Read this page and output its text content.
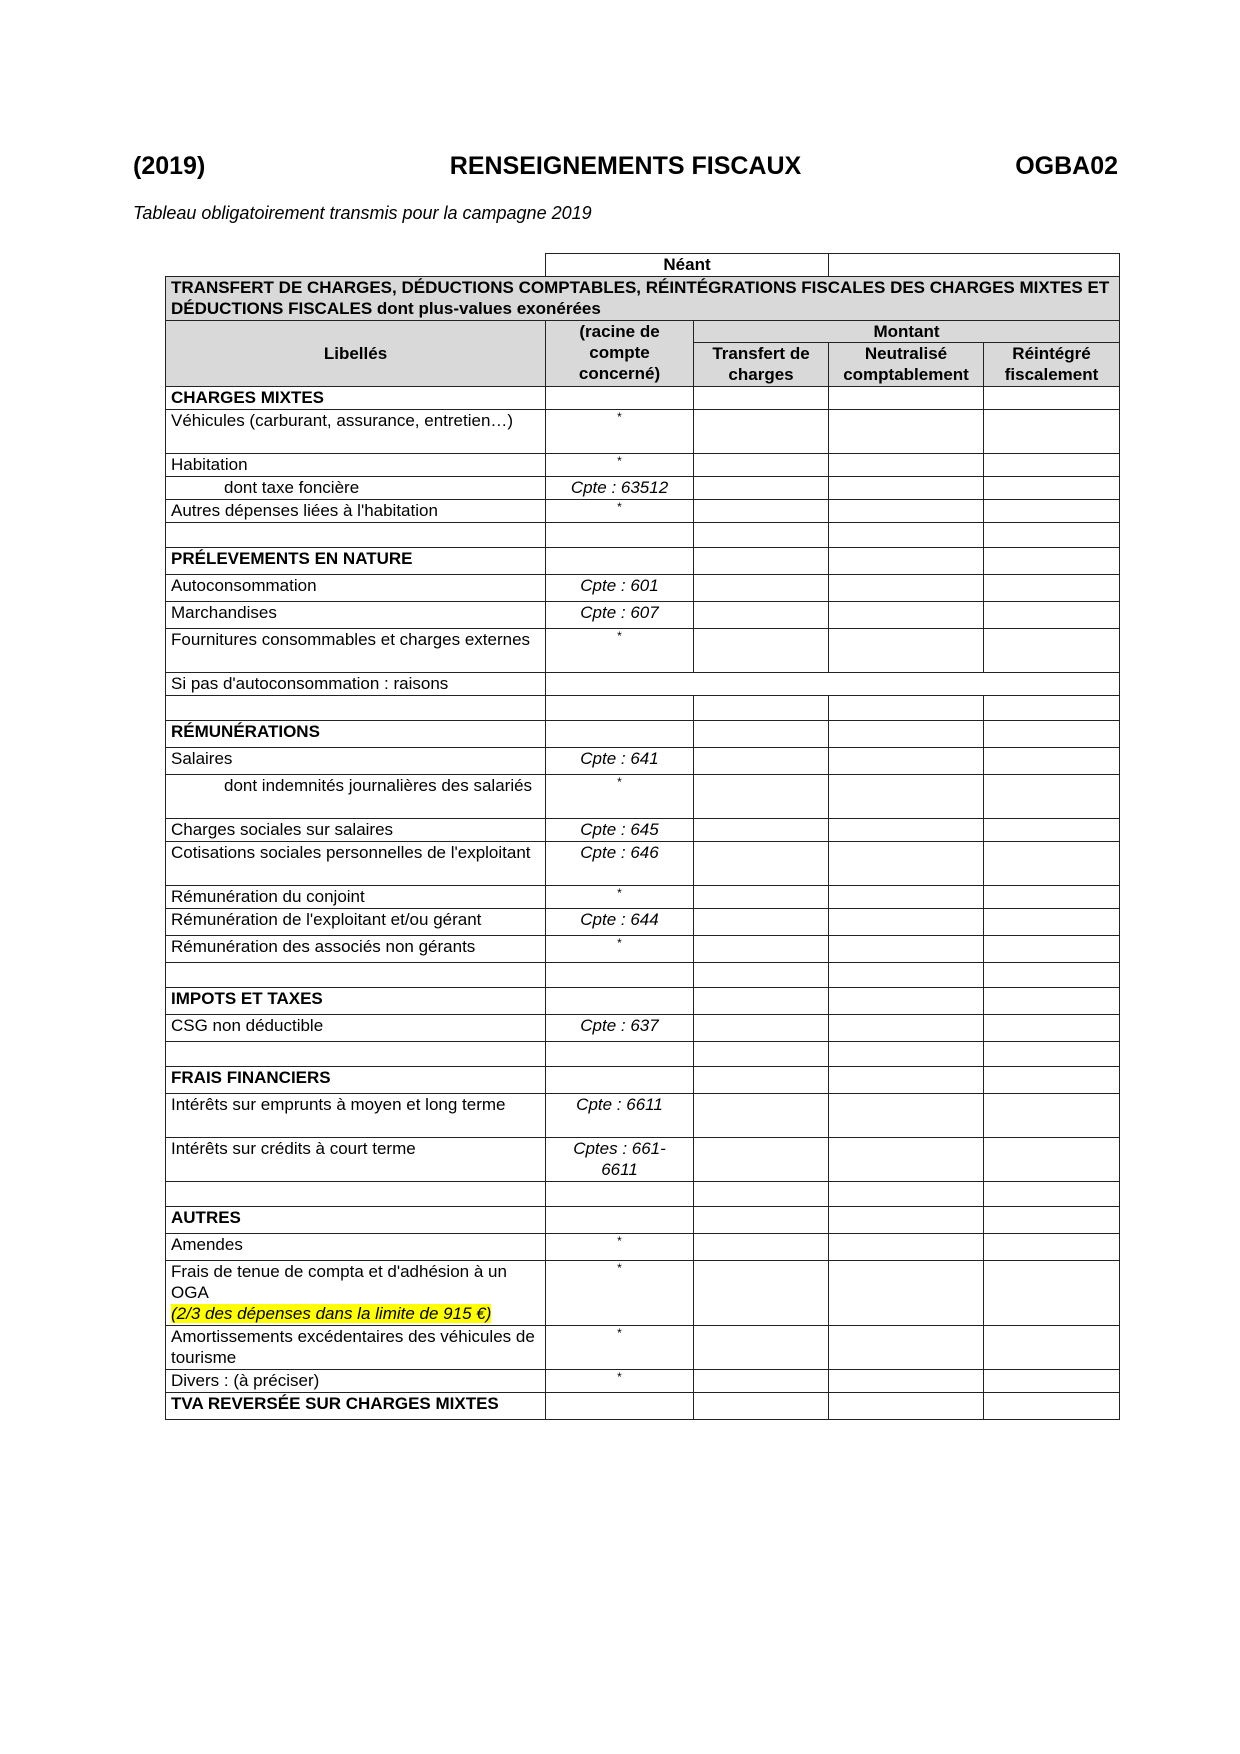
(2019)	RENSEIGNEMENTS FISCAUX	OGBA02
Tableau obligatoirement transmis pour la campagne 2019
	Néant			
TRANSFERT DE CHARGES, DÉDUCTIONS COMPTABLES, RÉINTÉGRATIONS FISCALES DES CHARGES MIXTES ET DÉDUCTIONS FISCALES dont plus-values exonérées				
Libellés	(racine de compte concerné)	Montant		
		Transfert de charges	Neutralisé comptablement	Réintégré fiscalement
CHARGES MIXTES				
Véhicules (carburant, assurance, entretien…)	*			
Habitation	*			
dont taxe foncière	Cpte : 63512			
Autres dépenses liées à l'habitation	*			

PRÉLEVEMENTS EN NATURE				
Autoconsommation	Cpte : 601			
Marchandises	Cpte : 607			
Fournitures consommables et charges externes	*			
Si pas d'autoconsommation : raisons				

RÉMUNÉRATIONS				
Salaires	Cpte : 641			
dont indemnités journalières des salariés	*			
Charges sociales sur salaires	Cpte : 645			
Cotisations sociales personnelles de l'exploitant	Cpte : 646			
Rémunération du conjoint	*			
Rémunération de l'exploitant et/ou gérant	Cpte : 644			
Rémunération des associés non gérants	*			

IMPOTS ET TAXES				
CSG non déductible	Cpte : 637			

FRAIS FINANCIERS				
Intérêts sur emprunts à moyen et long terme	Cpte : 6611			
Intérêts sur crédits à court terme	Cptes : 661-6611			

AUTRES				
Amendes	*			

Frais de tenue de compta et d'adhésion à un OGA
(2/3 des dépenses dans la limite de 915 €)	*			
Amortissements excédentaires des véhicules de tourisme	*			
Divers : (à préciser)	*			
TVA REVERSÉE SUR CHARGES MIXTES				
